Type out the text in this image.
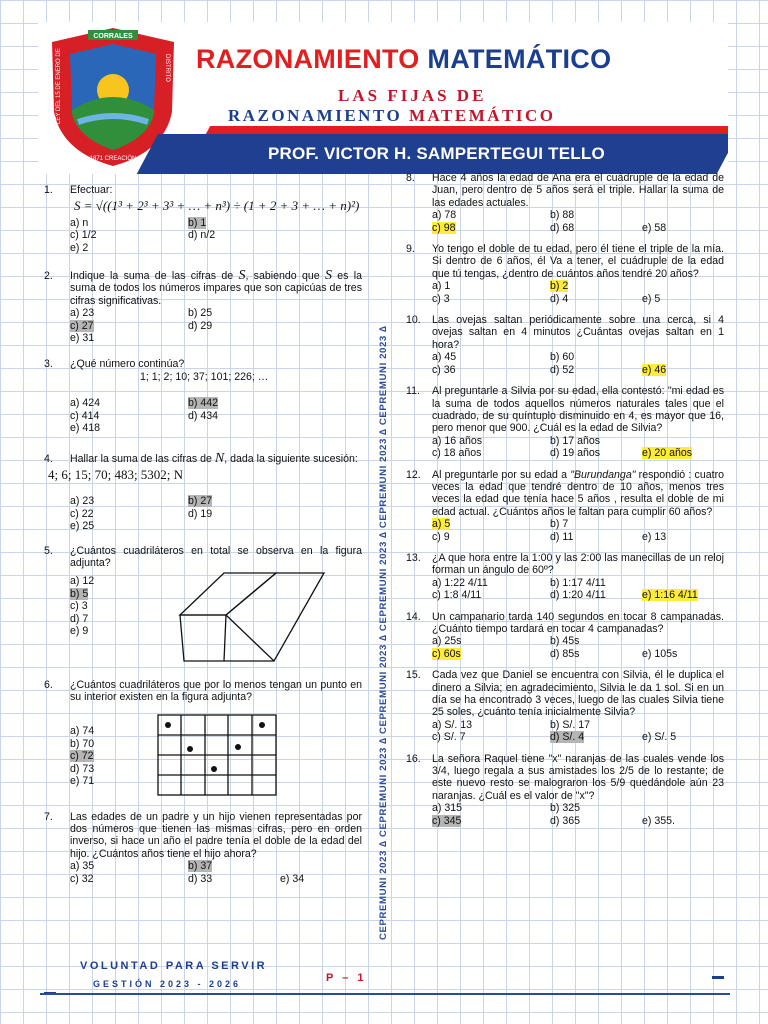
CORRALES
LEY DEL 15 DE ENERO DE	DISTRITO
1871 CREACIÓN
RAZONAMIENTO MATEMÁTICO
LAS FIJAS DE
RAZONAMIENTO MATEMÁTICO
PROF. VICTOR H. SAMPERTEGUI TELLO
1. Efectuar:
S = √((1³ + 2³ + 3³ + … + n³) ÷ (1 + 2 + 3 + … + n)²)
a) n	b) 1
c) 1/2	d) n/2
e) 2
2. Indique la suma de las cifras de S, sabiendo que S es la suma de todos los números impares que son capicúas de tres cifras significativas.
a) 23	b) 25
c) 27	d) 29
e) 31
3. ¿Qué número continúa?
1; 1; 2; 10; 37; 101; 226; …
a) 424	b) 442
c) 414	d) 434
e) 418
4. Hallar la suma de las cifras de N, dada la siguiente sucesión:
4; 6; 15; 70; 483; 5302; N
a) 23	b) 27
c) 22	d) 19
e) 25
5. ¿Cuántos cuadriláteros en total se observa en la figura adjunta?
a) 12
b) 5
c) 3
d) 7
e) 9
6. ¿Cuántos cuadriláteros que por lo menos tengan un punto en su interior existen en la figura adjunta?
a) 74
b) 70
c) 72
d) 73
e) 71
7. Las edades de un padre y un hijo vienen representadas por dos números que tienen las mismas cifras, pero en orden inverso, si hace un año el padre tenía el doble de la edad del hijo. ¿Cuántos años tiene el hijo ahora?
a) 35	b) 37
c) 32	d) 33	e) 34	CEPREMUNI 2023 ∆ CEPREMUNI 2023 ∆ CEPREMUNI 2023 ∆ CEPREMUNI 2023 ∆ CEPREMUNI 2023 ∆ CEPREMUNI 2023 ∆
8. Hace 4 años la edad de Ana era el cuádruple de la edad de Juan, pero dentro de 5 años será el triple. Hallar la suma de las edades actuales.
a) 78	b) 88
c) 98	d) 68	e) 58
9. Yo tengo el doble de tu edad, pero él tiene el triple de la mía. Si dentro de 6 años, él Va a tener, el cuádruple de la edad que tú tengas, ¿dentro de cuántos años tendré 20 años?
a) 1	b) 2
c) 3	d) 4	e) 5
10. Las ovejas saltan periódicamente sobre una cerca, si 4 ovejas saltan en 4 minutos ¿Cuántas ovejas saltan en 1 hora?
a) 45	b) 60
c) 36	d) 52	e) 46
11. Al preguntarle a Silvia por su edad, ella contestó: "mi edad es la suma de todos aquellos números naturales tales que el cuadrado, de su quíntuplo disminuido en 4, es mayor que 16, pero menor que 900. ¿Cuál es la edad de Silvia?
a) 16 años	b) 17 años
c) 18 años	d) 19 años	e) 20 años
12. Al preguntarle por su edad a "Burundanga" respondió : cuatro veces la edad que tendré dentro de 10 años, menos tres veces la edad que tenía hace 5 años , resulta el doble de mi edad actual. ¿Cuántos años le faltan para cumplir 60 años?
a) 5	b) 7
c) 9	d) 11	e) 13
13. ¿A que hora entre la 1:00 y las 2:00 las manecillas de un reloj forman un ángulo de 60º?
a) 1:22 4/11	b) 1:17 4/11
c) 1:8 4/11	d) 1:20 4/11	e) 1:16 4/11
14. Un campanario tarda 140 segundos en tocar 8 campanadas. ¿Cuánto tiempo tardará en tocar 4 campanadas?
a) 25s	b) 45s
c) 60s	d) 85s	e) 105s
15. Cada vez que Daniel se encuentra con Silvia, él le duplica el dinero a Silvia; en agradecimiento, Silvia le da 1 sol. Si en un día se ha encontrado 3 veces, luego de las cuales Silvia tiene 25 soles, ¿cuánto tenía inicialmente Silvia?
a) S/. 13	b) S/. 17
c) S/. 7	d) S/. 4	e) S/. 5
16. La señora Raquel tiene "x" naranjas de las cuales vende los 3/4, luego regala a sus amistades los 2/5 de lo restante; de este nuevo resto se malograron los 5/9 quedándole aún 23 naranjas. ¿Cuál es el valor de "x"?
a) 315	b) 325
c) 345	d) 365	e) 355.
VOLUNTAD PARA SERVIR
GESTIÓN 2023 - 2026	P – 1
